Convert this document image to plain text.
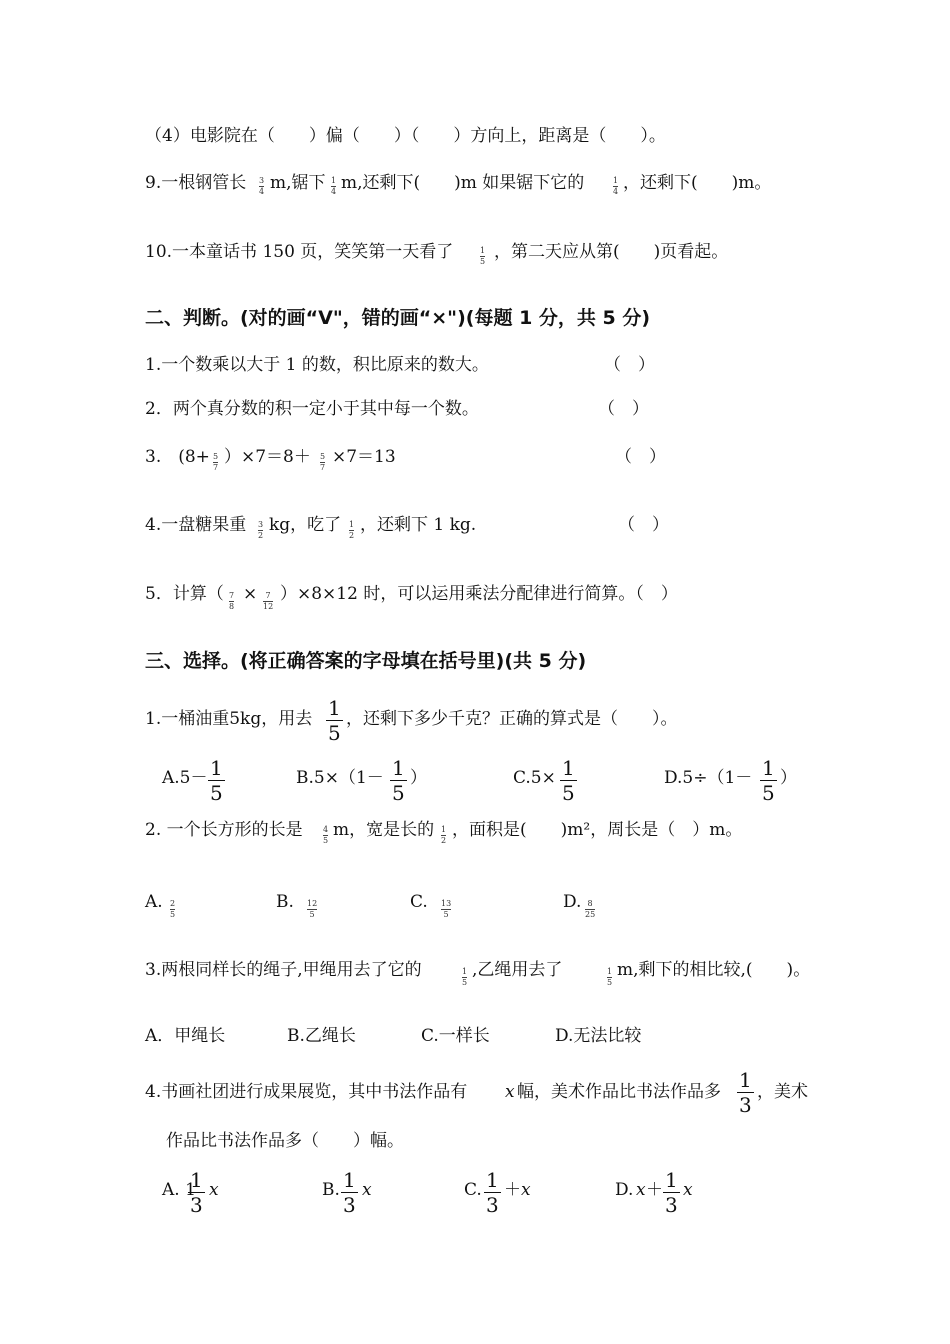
（4）电影院在（　　）偏（　　）（　　）方向上，距离是（　　）。
9.一根钢管长 3
4 m,锯下 1
4 m,还剩下(　　)m 如果锯下它的	1
4 ，还剩下(　　)m。
10.一本童话书 150 页，笑笑第一天看了	1
5 ，第二天应从第(　　)页看起。
二、判断。(对的画“V"，错的画“×")(每题 1 分，共 5 分)
1.一个数乘以大于 1 的数，积比原来的数大。	（　）
2．两个真分数的积一定小于其中每一个数。	（　）
3.　(8+ 5
7
）×7＝8＋ 5
7
×7＝13	（　）
4.一盘糖果重 3
2
kg，吃了 1
2
，还剩下 1 kg.	（　）
5．计算（ 7
8
×	7
12
）×8×12 时，可以运用乘法分配律进行简算。（　）
三、选择。(将正确答案的字母填在括号里)(共 5 分)
1.一桶油重5kg，用去 1
5
，还剩下多少千克？正确的算式是（　　）。
A.5－ 1
5
B.5×（1－ 1
5
）	C.5× 1
5
D.5÷（1－ 1
5
）
2. 一个长方形的长是	4
5
m，宽是长的 1
2
，面积是(　　)m²，周长是（　）m。
A. 2
5
B. 12
5
C. 13
5
D. 8
25
3.两根同样长的绳子,甲绳用去了它的	1
5
,乙绳用去了	1
5
m,剩下的相比较,(　　)。
A．甲绳长	B.乙绳长	C.一样长	D.无法比较
4.书画社团进行成果展览，其中书法作品有 x 幅，美术作品比书法作品多 1
3
，美术
作品比书法作品多（　　）幅。
A. 1
1
3
x	B. 1
3
x	C. 1
3
＋ x	D. x ＋ 1
3
x
